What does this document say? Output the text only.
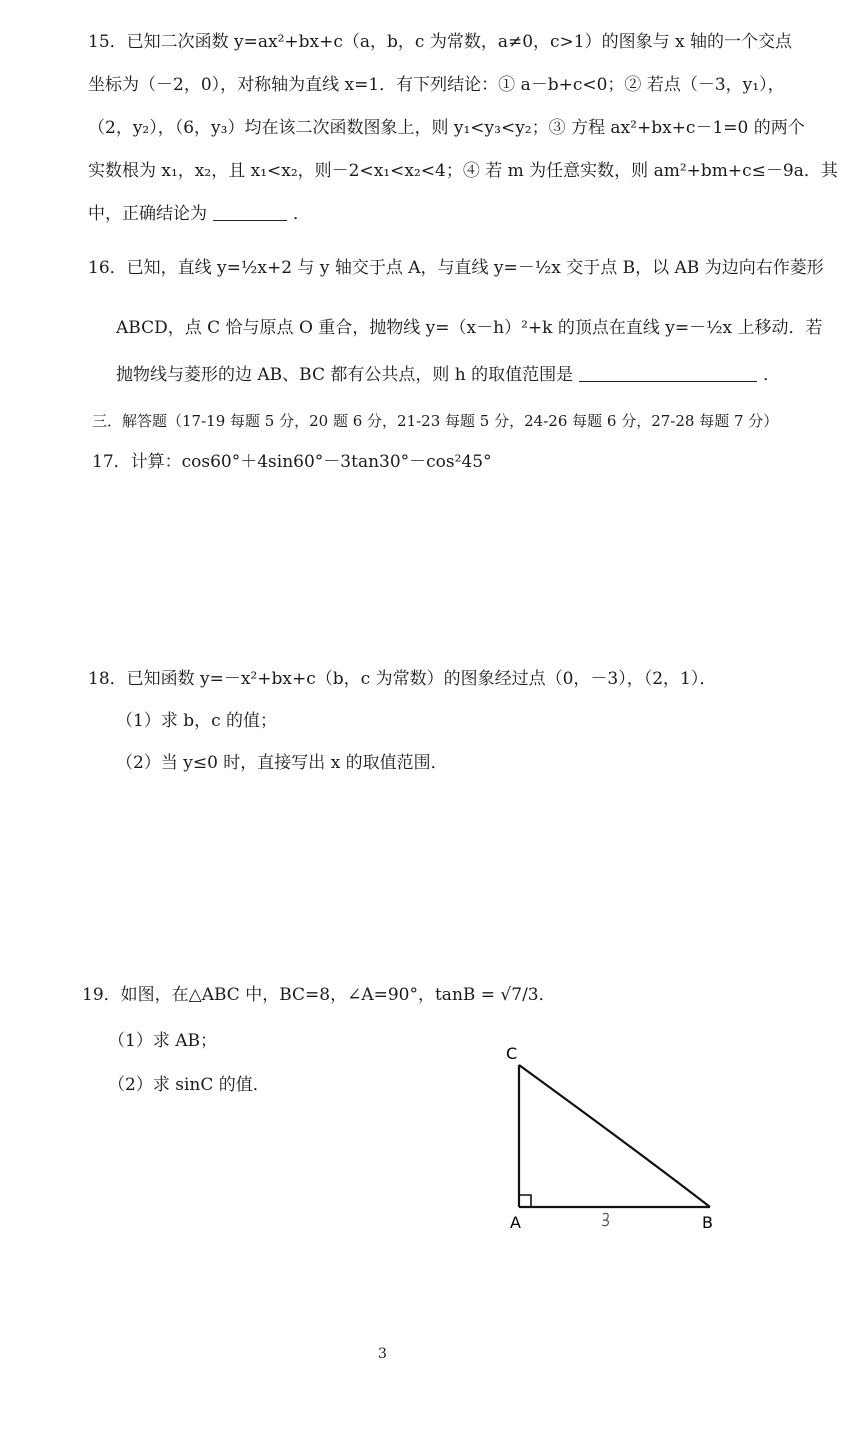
15．已知二次函数 y=ax²+bx+c（a，b，c 为常数，a≠0，c>1）的图象与 x 轴的一个交点
坐标为（－2，0），对称轴为直线 x=1．有下列结论：① a－b+c<0；② 若点（－3，y₁），
（2，y₂），（6，y₃）均在该二次函数图象上，则 y₁<y₃<y₂；③ 方程 ax²+bx+c－1=0 的两个
实数根为 x₁，x₂，且 x₁<x₂，则－2<x₁<x₂<4；④ 若 m 为任意实数，则 am²+bm+c≤－9a．其
中，正确结论为	．
16．已知，直线 y=½x+2 与 y 轴交于点 A，与直线 y=－½x 交于点 B，以 AB 为边向右作菱形
ABCD，点 C 恰与原点 O 重合，抛物线 y=（x－h）²+k 的顶点在直线 y=－½x 上移动．若
抛物线与菱形的边 AB、BC 都有公共点，则 h 的取值范围是	．
三．解答题（17-19 每题 5 分，20 题 6 分，21-23 每题 5 分，24-26 每题 6 分，27-28 每题 7 分）
17．计算：cos60°＋4sin60°－3tan30°－cos²45°
18．已知函数 y=－x²+bx+c（b，c 为常数）的图象经过点（0，－3），（2，1）．
（1）求 b，c 的值；
（2）当 y≤0 时，直接写出 x 的取值范围．
19．如图，在△ABC 中，BC=8，∠A=90°，tanB = √7/3．
（1）求 AB；
（2）求 sinC 的值．
C
A	B
3
